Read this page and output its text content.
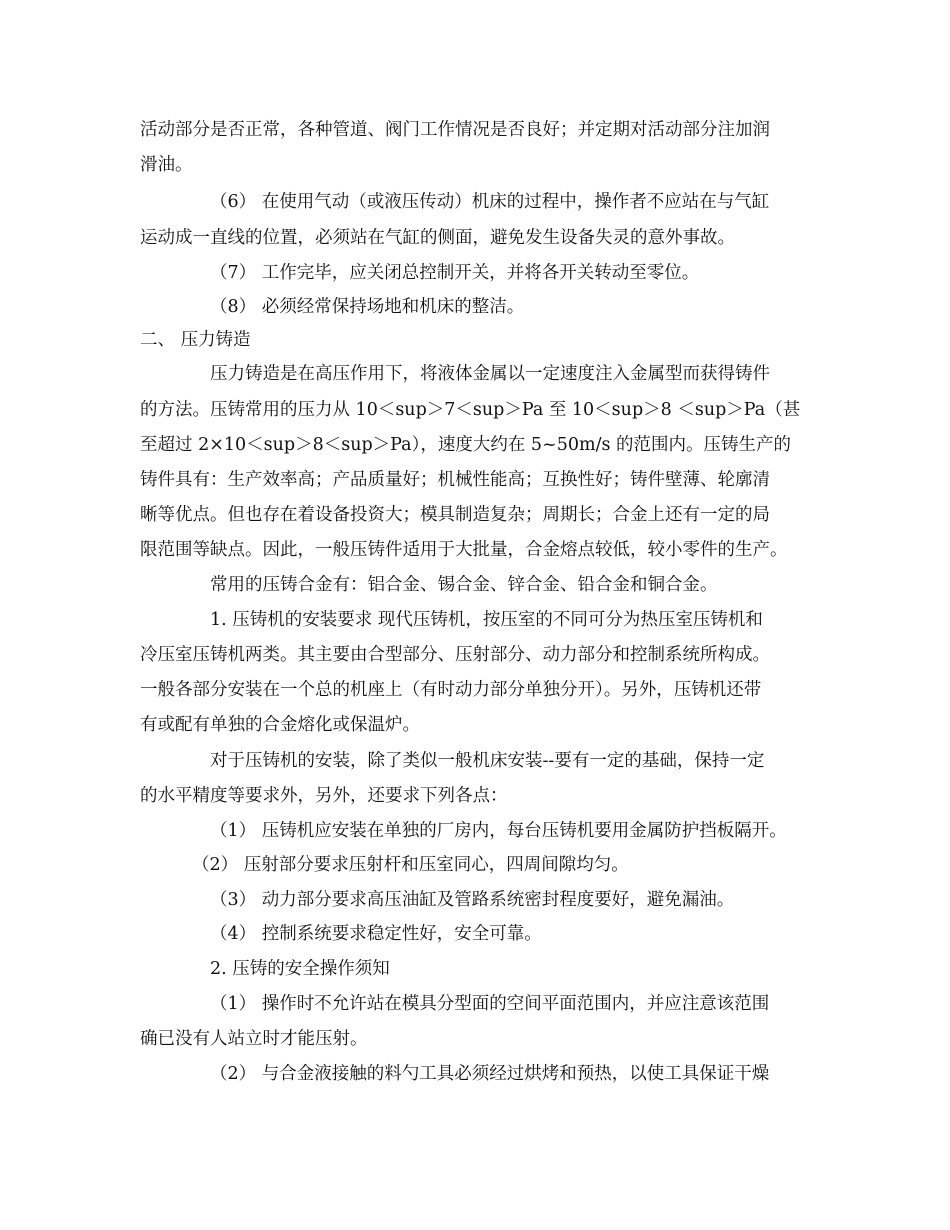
活动部分是否正常，各种管道、阀门工作情况是否良好；并定期对活动部分注加润

滑油。

（6） 在使用气动（或液压传动）机床的过程中，操作者不应站在与气缸

运动成一直线的位置，必须站在气缸的侧面，避免发生设备失灵的意外事故。

（7） 工作完毕，应关闭总控制开关，并将各开关转动至零位。

（8） 必须经常保持场地和机床的整洁。

二、 压力铸造

压力铸造是在高压作用下，将液体金属以一定速度注入金属型而获得铸件

的方法。压铸常用的压力从 10＜sup＞7＜sup＞Pa 至 10＜sup＞8 ＜sup＞Pa（甚

至超过 2×10＜sup＞8＜sup＞Pa），速度大约在 5~50m/s 的范围内。压铸生产的

铸件具有：生产效率高；产品质量好；机械性能高；互换性好；铸件壁薄、轮廓清

晰等优点。但也存在着设备投资大；模具制造复杂；周期长；合金上还有一定的局

限范围等缺点。因此，一般压铸件适用于大批量，合金熔点较低，较小零件的生产。

常用的压铸合金有：铝合金、锡合金、锌合金、铅合金和铜合金。

1. 压铸机的安装要求 现代压铸机，按压室的不同可分为热压室压铸机和

冷压室压铸机两类。其主要由合型部分、压射部分、动力部分和控制系统所构成。

一般各部分安装在一个总的机座上（有时动力部分单独分开）。另外，压铸机还带

有或配有单独的合金熔化或保温炉。

对于压铸机的安装，除了类似一般机床安装--要有一定的基础，保持一定

的水平精度等要求外，另外，还要求下列各点：

（1） 压铸机应安装在单独的厂房内，每台压铸机要用金属防护挡板隔开。

（2） 压射部分要求压射杆和压室同心，四周间隙均匀。

（3） 动力部分要求高压油缸及管路系统密封程度要好，避免漏油。

（4） 控制系统要求稳定性好，安全可靠。

2. 压铸的安全操作须知

（1） 操作时不允许站在模具分型面的空间平面范围内，并应注意该范围

确已没有人站立时才能压射。

（2） 与合金液接触的料勺工具必须经过烘烤和预热，以使工具保证干燥
